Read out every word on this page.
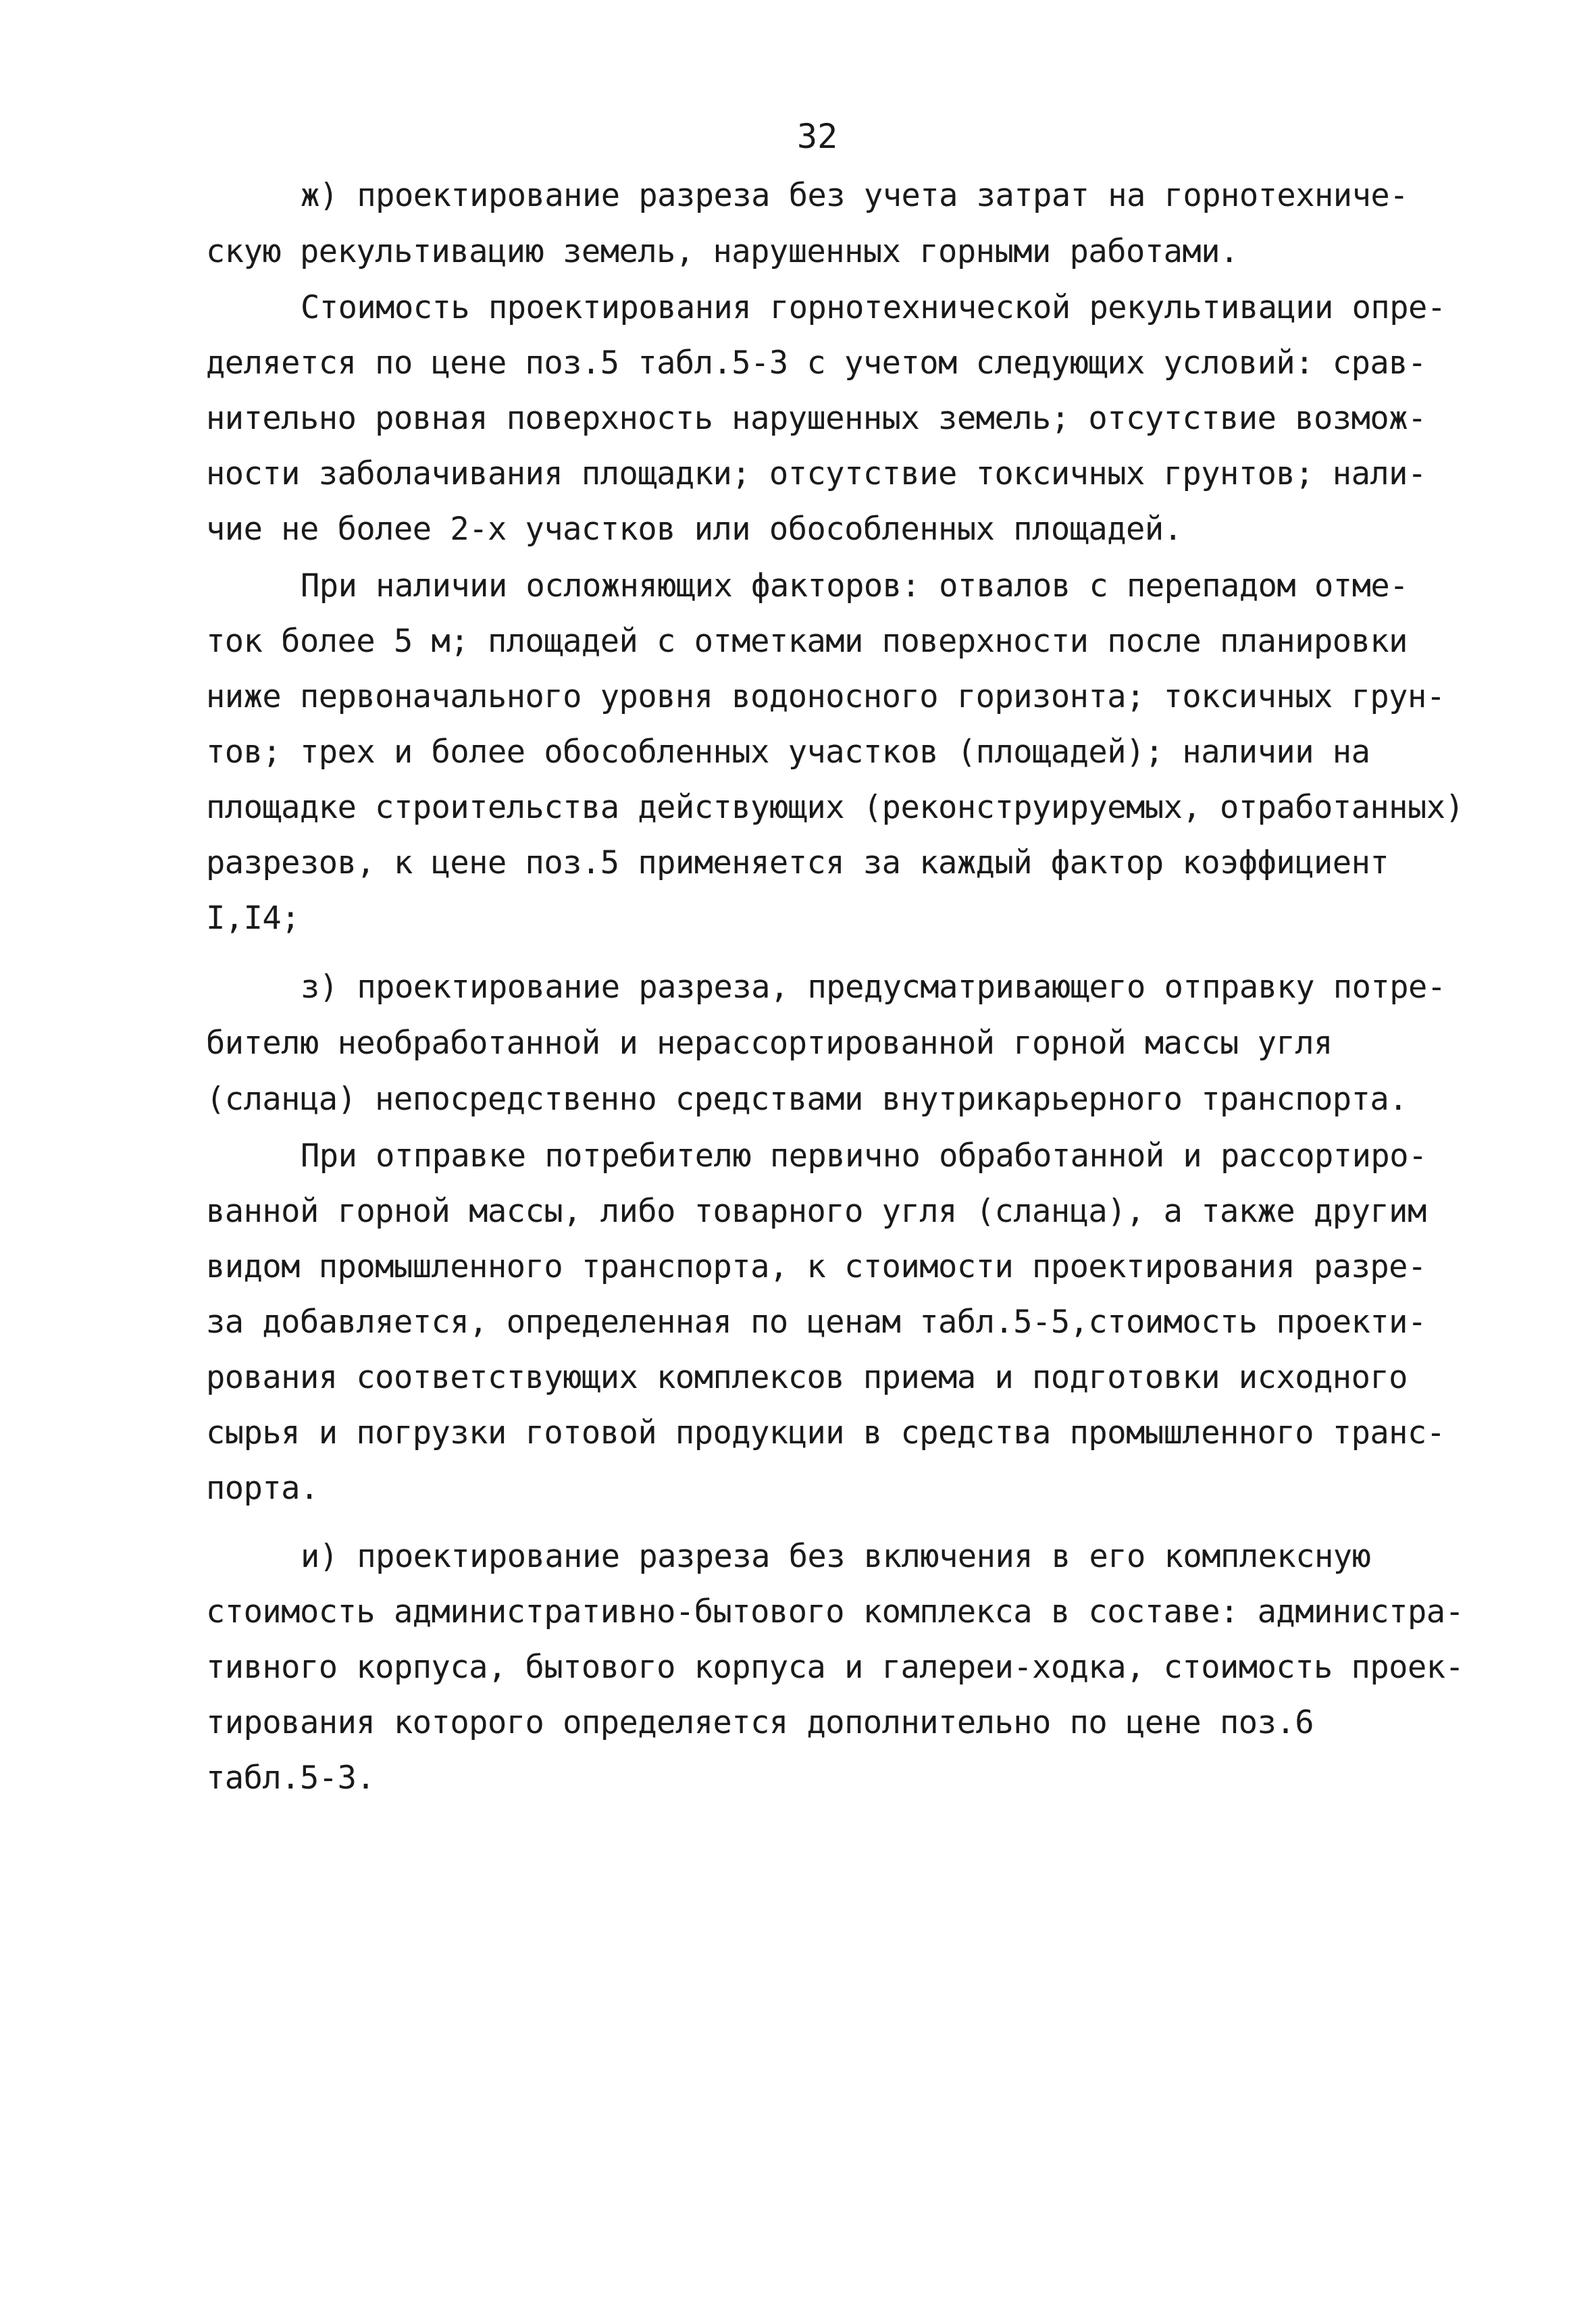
32
ж) проектирование разреза без учета затрат на горнотехниче-
скую рекультивацию земель, нарушенных горными работами.
Стоимость проектирования горнотехнической рекультивации опре-
деляется по цене поз.5 табл.5-3 с учетом следующих условий: срав-
нительно ровная поверхность нарушенных земель; отсутствие возмож-
ности заболачивания площадки; отсутствие токсичных грунтов; нали-
чие не более 2-х участков или обособленных площадей.
При наличии осложняющих факторов: отвалов с перепадом отме-
ток более 5 м; площадей с отметками поверхности после планировки
ниже первоначального уровня водоносного горизонта; токсичных грун-
тов; трех и более обособленных участков (площадей); наличии на
площадке строительства действующих (реконструируемых, отработанных)
разрезов, к цене поз.5 применяется за каждый фактор коэффициент
I,I4;
з) проектирование разреза, предусматривающего отправку потре-
бителю необработанной и нерассортированной горной массы угля
(сланца) непосредственно средствами внутрикарьерного транспорта.
При отправке потребителю первично обработанной и рассортиро-
ванной горной массы, либо товарного угля (сланца), а также другим
видом промышленного транспорта, к стоимости проектирования разре-
за добавляется, определенная по ценам табл.5-5,стоимость проекти-
рования соответствующих комплексов приема и подготовки исходного
сырья и погрузки готовой продукции в средства промышленного транс-
порта.
и) проектирование разреза без включения в его комплексную
стоимость административно-бытового комплекса в составе: админиcтра-
тивного корпуса, бытового корпуса и галереи-ходка, стоимость проек-
тирования которого определяется дополнительно по цене поз.6
табл.5-3.
